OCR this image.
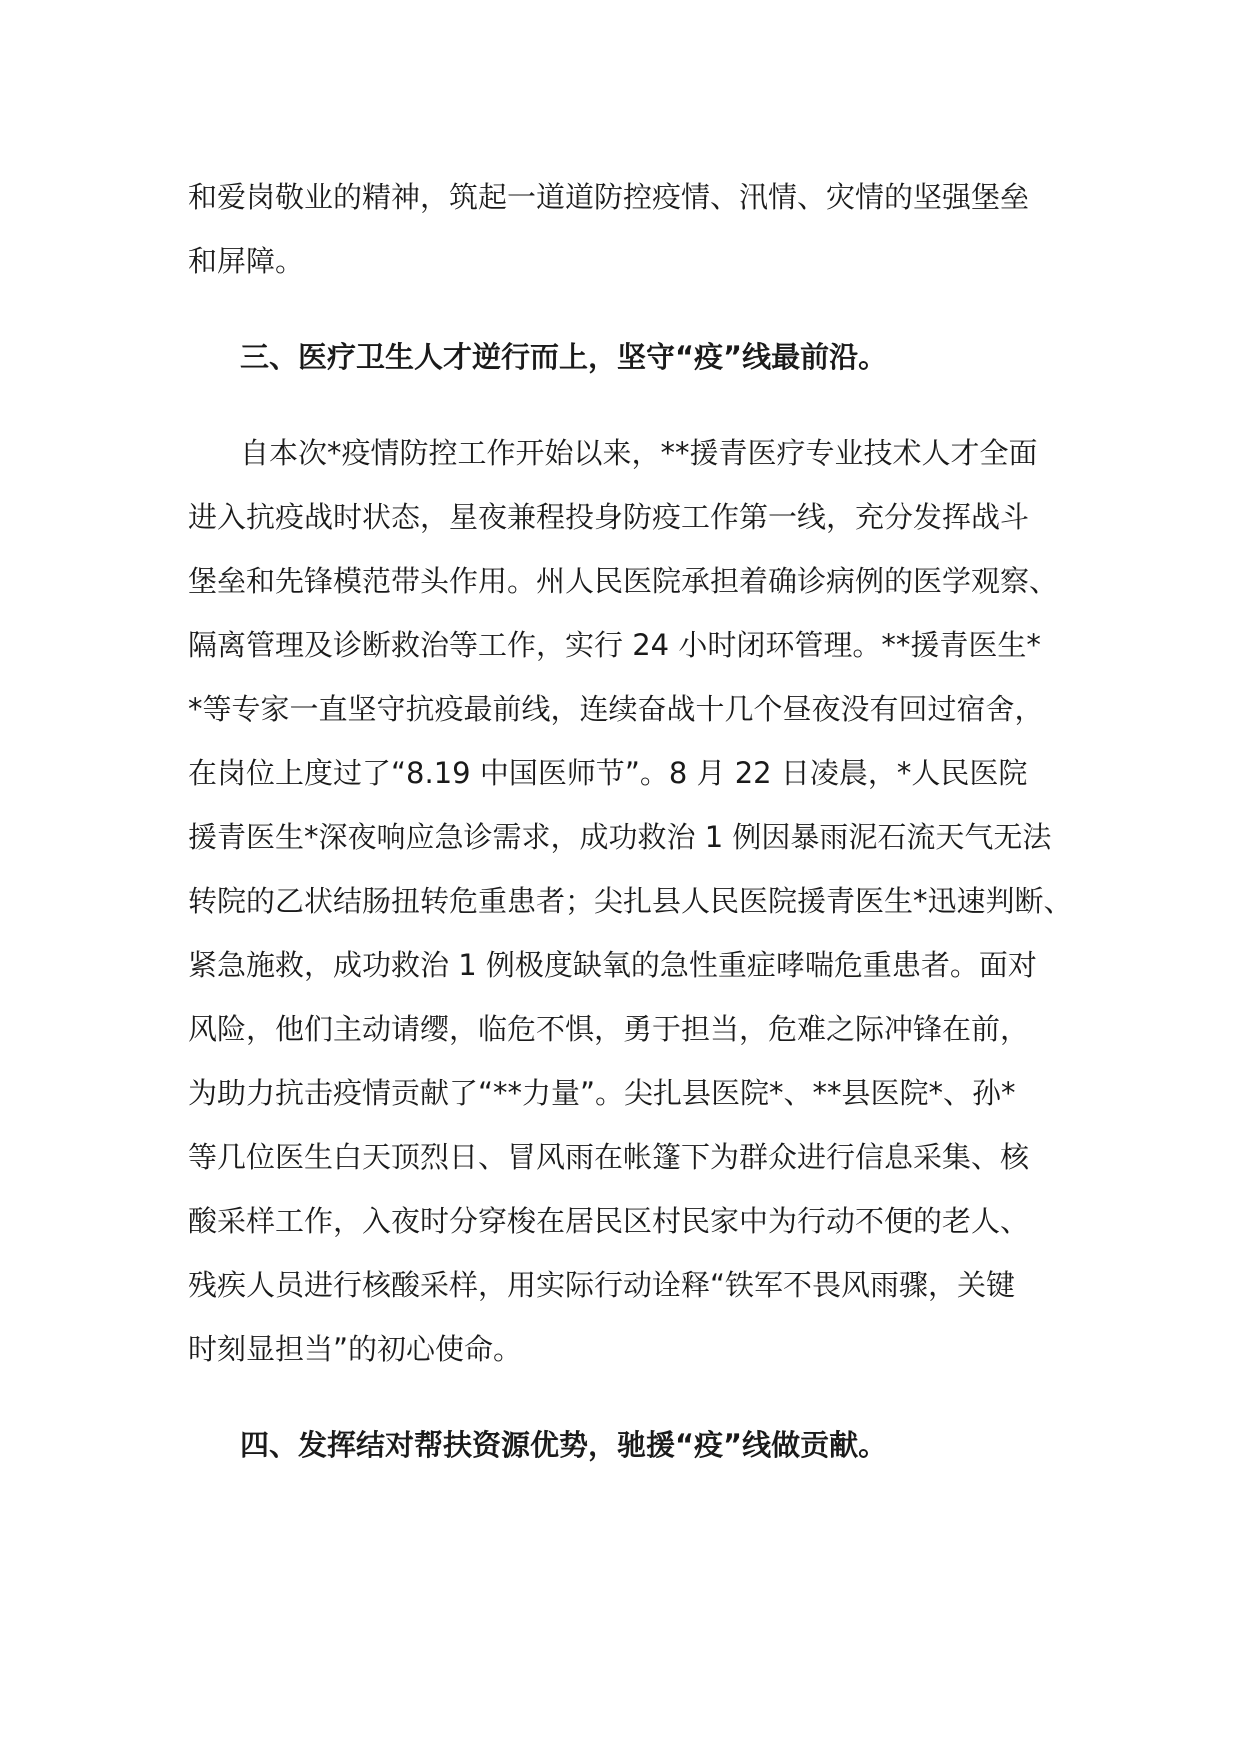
和爱岗敬业的精神，筑起一道道防控疫情、汛情、灾情的坚强堡垒
和屏障。
三、医疗卫生人才逆行而上，坚守“疫”线最前沿。
自本次*疫情防控工作开始以来，**援青医疗专业技术人才全面
进入抗疫战时状态，星夜兼程投身防疫工作第一线，充分发挥战斗
堡垒和先锋模范带头作用。州人民医院承担着确诊病例的医学观察、
隔离管理及诊断救治等工作，实行 24 小时闭环管理。**援青医生*
*等专家一直坚守抗疫最前线，连续奋战十几个昼夜没有回过宿舍，
在岗位上度过了“8.19 中国医师节”。8 月 22 日凌晨，*人民医院
援青医生*深夜响应急诊需求，成功救治 1 例因暴雨泥石流天气无法
转院的乙状结肠扭转危重患者；尖扎县人民医院援青医生*迅速判断、
紧急施救，成功救治 1 例极度缺氧的急性重症哮喘危重患者。面对
风险，他们主动请缨，临危不惧，勇于担当，危难之际冲锋在前，
为助力抗击疫情贡献了“**力量”。尖扎县医院*、**县医院*、孙*
等几位医生白天顶烈日、冒风雨在帐篷下为群众进行信息采集、核
酸采样工作，入夜时分穿梭在居民区村民家中为行动不便的老人、
残疾人员进行核酸采样，用实际行动诠释“铁军不畏风雨骤，关键
时刻显担当”的初心使命。
四、发挥结对帮扶资源优势，驰援“疫”线做贡献。
